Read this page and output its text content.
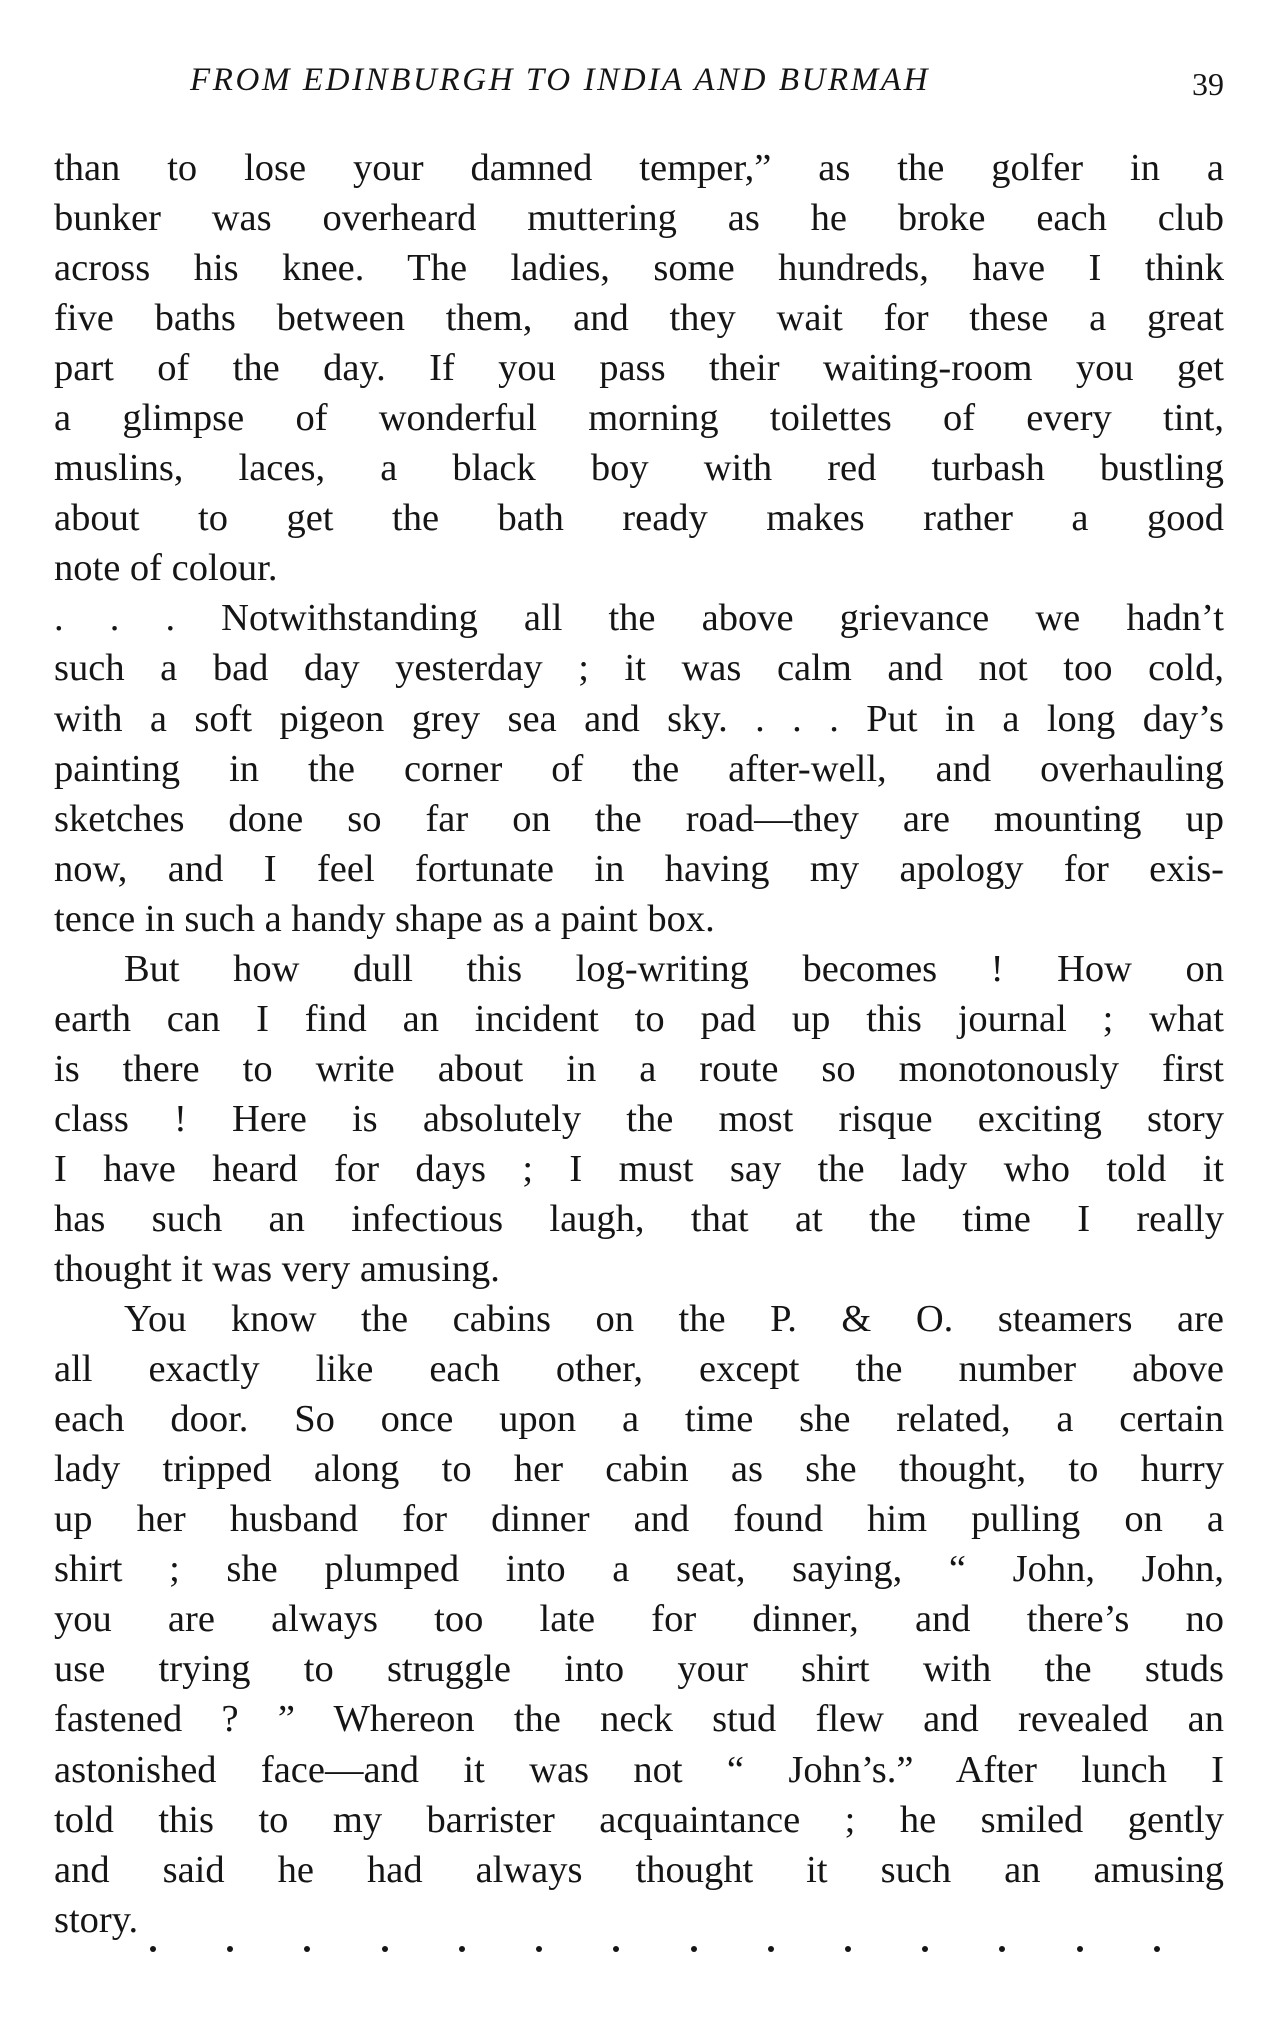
FROM EDINBURGH TO INDIA AND BURMAH	39
than to lose your damned temper,” as the golfer in a
bunker was overheard muttering as he broke each club
across his knee. The ladies, some hundreds, have I think
five baths between them, and they wait for these a great
part of the day. If you pass their waiting-room you get
a glimpse of wonderful morning toilettes of every tint,
muslins, laces, a black boy with red turbash bustling
about to get the bath ready makes rather a good
note of colour.
. . . Notwithstanding all the above grievance we hadn’t
such a bad day yesterday ; it was calm and not too cold,
with a soft pigeon grey sea and sky. . . . Put in a long day’s
painting in the corner of the after-well, and overhauling
sketches done so far on the road—they are mounting up
now, and I feel fortunate in having my apology for exis-
tence in such a handy shape as a paint box.
But how dull this log-writing becomes ! How on
earth can I find an incident to pad up this journal ; what
is there to write about in a route so monotonously first
class ! Here is absolutely the most risque exciting story
I have heard for days ; I must say the lady who told it
has such an infectious laugh, that at the time I really
thought it was very amusing.
You know the cabins on the P. & O. steamers are
all exactly like each other, except the number above
each door. So once upon a time she related, a certain
lady tripped along to her cabin as she thought, to hurry
up her husband for dinner and found him pulling on a
shirt ; she plumped into a seat, saying, “ John, John,
you are always too late for dinner, and there’s no
use trying to struggle into your shirt with the studs
fastened ? ” Whereon the neck stud flew and revealed an
astonished face—and it was not “ John’s.” After lunch I
told this to my barrister acquaintance ; he smiled gently
and said he had always thought it such an amusing
story.
